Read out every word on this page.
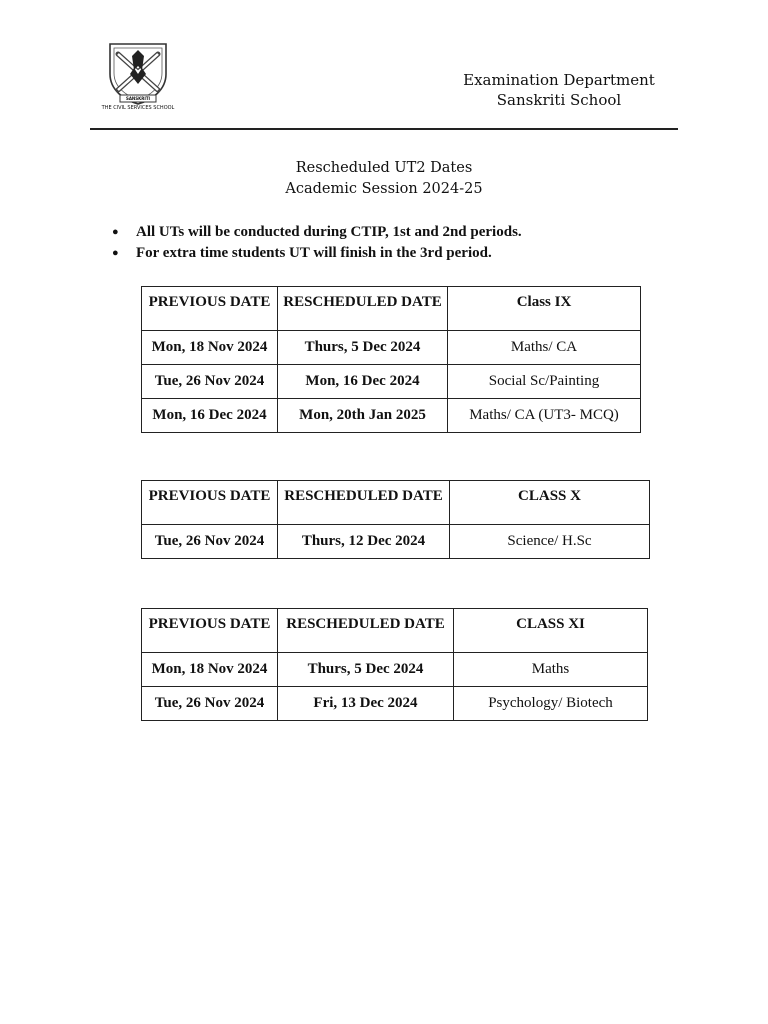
SANSKRITI
THE CIVIL SERVICES SCHOOL
Examination Department
Sanskriti School
Rescheduled UT2 Dates
Academic Session 2024-25
● All UTs will be conducted during CTIP, 1st and 2nd periods.
● For extra time students UT will finish in the 3rd period.
PREVIOUS DATE	RESCHEDULED DATE	Class IX
Mon, 18 Nov 2024	Thurs, 5 Dec 2024	Maths/ CA
Tue, 26 Nov 2024	Mon, 16 Dec 2024	Social Sc/Painting
Mon, 16 Dec 2024	Mon, 20th Jan 2025	Maths/ CA (UT3- MCQ)
PREVIOUS DATE	RESCHEDULED DATE	CLASS X
Tue, 26 Nov 2024	Thurs, 12 Dec 2024	Science/ H.Sc
PREVIOUS DATE	RESCHEDULED DATE	CLASS XI
Mon, 18 Nov 2024	Thurs, 5 Dec 2024	Maths
Tue, 26 Nov 2024	Fri, 13 Dec 2024	Psychology/ Biotech
